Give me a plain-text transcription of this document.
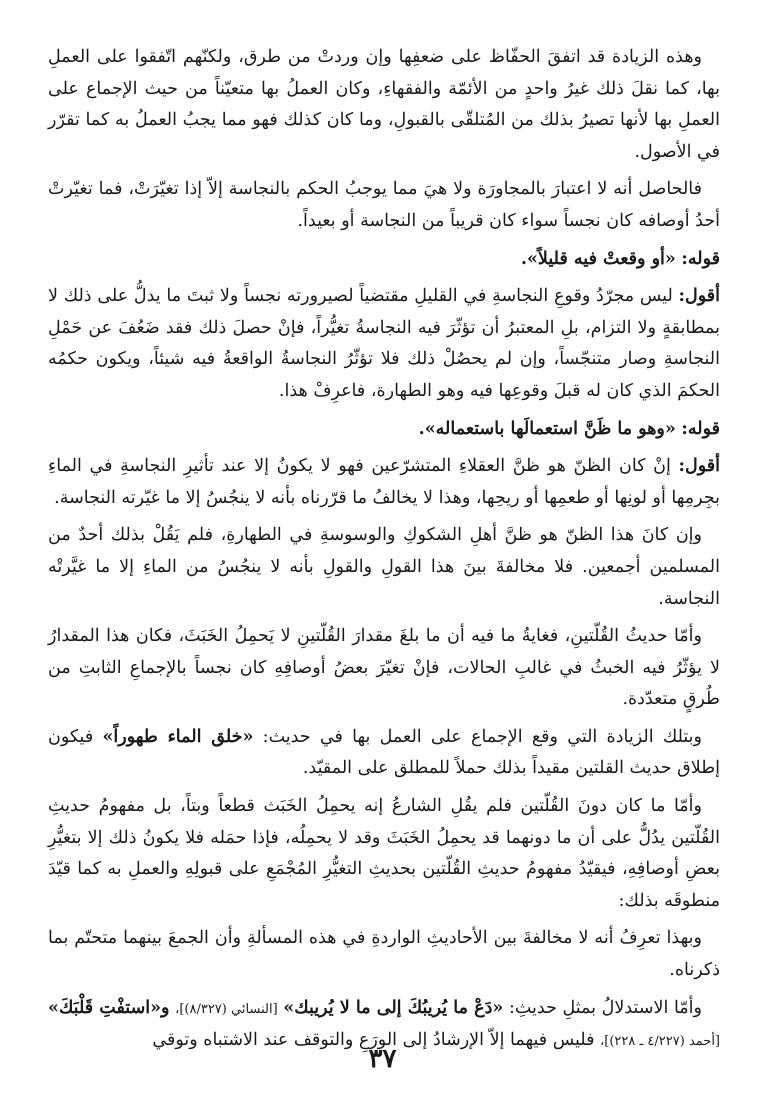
وهذه الزيادة قد اتفقَ الحفّاظ على ضعفِها وإن وردتْ من طرق، ولكنّهم اتّفقوا على العملِ بها، كما نقلَ ذلك غيرُ واحدٍ من الأئمّة والفقهاءِ، وكان العملُ بها متعيّناً من حيث الإجماع على العملِ بها لأنها تصيرُ بذلك من المُتلقّى بالقبولِ، وما كان كذلك فهو مما يجبُ العملُ به كما تقرّر في الأصول.

فالحاصل أنه لا اعتبارَ بالمجاورَة ولا هيَ مما يوجبُ الحكم بالنجاسة إلاّ إذا تغيّرَتْ، فما تغيّرتْ أحدُ أوصافه كان نجساً سواء كان قريباً من النجاسة أو بعيداً.

قوله: «أو وقعتْ فيه قليلاً».

أقول: ليس مجرّدُ وقوعِ النجاسةِ في القليلِ مقتضياً لصيرورته نجساً ولا ثبتَ ما يدلُّ على ذلك لا بمطابقةٍ ولا التزام، بلِ المعتبرُ أن تؤثّرَ فيه النجاسةُ تغيُّراً، فإنْ حصلَ ذلك فقد ضَعُفَ عن حَمْلِ النجاسةِ وصار متنجّساً، وإن لم يحصُلْ ذلك فلا تؤثّرُ النجاسةُ الواقعةُ فيه شيئاً، ويكون حكمُه الحكمَ الذي كان له قبلَ وقوعِها فيه وهو الطهارة، فاعرِفْ هذا.

قوله: «وهو ما ظَنَّ استعمالَها باستعماله».

أقول: إنْ كان الظنّ هو ظنَّ العقلاءِ المتشرّعين فهو لا يكونُ إلا عند تأثيرِ النجاسةِ في الماءِ بجِرمِها أو لونِها أو طعمِها أو ريحِها، وهذا لا يخالفُ ما قرّرناه بأنه لا ينجُسُ إلا ما غيّرته النجاسة.

وإن كانَ هذا الظنّ هو ظنَّ أهلِ الشكوكِ والوسوسةِ في الطهارةِ، فلم يَقُلْ بذلك أحدٌ من المسلمين أجمعين. فلا مخالفةَ بينَ هذا القولِ والقولِ بأنه لا ينجُسُ من الماءِ إلا ما غيَّرتْه النجاسة.

وأمّا حديثُ القُلّتينِ، فغايةُ ما فيه أن ما بلغَ مقدارَ القُلّتينِ لا يَحمِلُ الخَبَثَ، فكان هذا المقدارُ لا يؤثّرُ فيه الخبثُ في غالبِ الحالات، فإنْ تغيّرَ بعضُ أوصافِهِ كان نجساً بالإجماعِ الثابتِ من طُرقٍ متعدّدة.

وبتلك الزيادة التي وقع الإجماع على العمل بها في حديث: «خلق الماء طهوراً» فيكون إطلاق حديث القلتين مقيداً بذلك حملاً للمطلق على المقيّد.

وأمّا ما كان دونَ القُلّتين فلم يقُلِ الشارعُ إنه يحمِلُ الخَبَث قطعاً وبتاً، بل مفهومُ حديثِ القُلّتين يدُلُّ على أن ما دونهما قد يحمِلُ الخَبَثَ وقد لا يحمِلُه، فإذا حمَله فلا يكونُ ذلك إلا بتغيُّرِ بعضِ أوصافِهِ، فيقيّدُ مفهومُ حديثِ القُلّتين بحديثِ التغيُّرِ المُجْمَعِ على قبولِهِ والعملِ به كما قيّدَ منطوقَه بذلك:

وبهذا تعرِفُ أنه لا مخالفةَ بين الأحاديثِ الواردةِ في هذه المسألةِ وأن الجمعَ بينهما متحتّم بما ذكرناه.

وأمّا الاستدلالُ بمثلِ حديثِ: «دَعْ ما يُريبُكَ إلى ما لا يُريبك» [النسائي (٨/٣٢٧)]، و«استفْتِ قَلْبَكَ» [أحمد (٤/٢٢٧ ـ ٢٢٨)]، فليس فيهما إلاّ الإرشادُ إلى الورَعِ والتوقف عند الاشتباه وتوقي

٣٧
